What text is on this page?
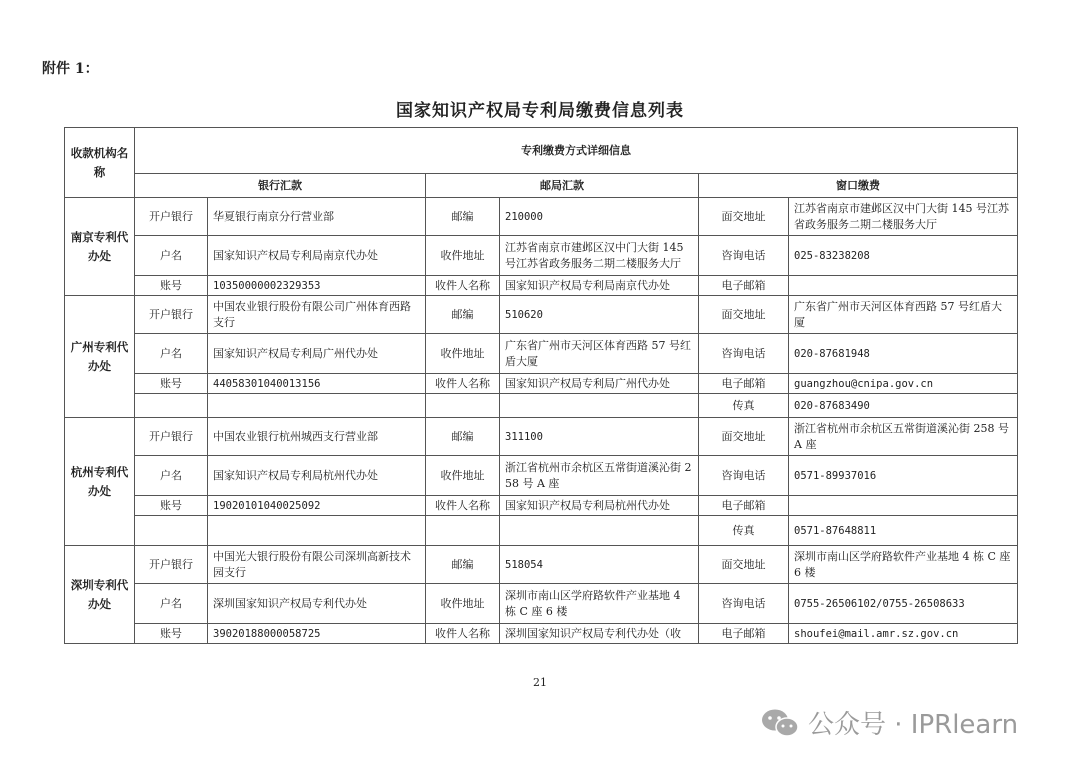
附件 1：
国家知识产权局专利局缴费信息列表
收款机构名称	专利缴费方式详细信息					
	银行汇款		邮局汇款		窗口缴费	
南京专利代办处	开户银行	华夏银行南京分行营业部	邮编	210000	面交地址	江苏省南京市建邺区汉中门大街 145 号江苏省政务服务二期二楼服务大厅
	户名	国家知识产权局专利局南京代办处	收件地址	江苏省南京市建邺区汉中门大街 145 号江苏省政务服务二期二楼服务大厅	咨询电话	025-83238208
	账号	10350000002329353	收件人名称	国家知识产权局专利局南京代办处	电子邮箱	
广州专利代办处	开户银行	中国农业银行股份有限公司广州体育西路支行	邮编	510620	面交地址	广东省广州市天河区体育西路 57 号红盾大厦
	户名	国家知识产权局专利局广州代办处	收件地址	广东省广州市天河区体育西路 57 号红盾大厦	咨询电话	020-87681948
	账号	44058301040013156	收件人名称	国家知识产权局专利局广州代办处	电子邮箱	guangzhou@cnipa.gov.cn
					传真	020-87683490
杭州专利代办处	开户银行	中国农业银行杭州城西支行营业部	邮编	311100	面交地址	浙江省杭州市余杭区五常街道溪沁街 258 号 A 座
	户名	国家知识产权局专利局杭州代办处	收件地址	浙江省杭州市余杭区五常街道溪沁街 258 号 A 座	咨询电话	0571-89937016
	账号	19020101040025092	收件人名称	国家知识产权局专利局杭州代办处	电子邮箱	
					传真	0571-87648811
深圳专利代办处	开户银行	中国光大银行股份有限公司深圳高新技术园支行	邮编	518054	面交地址	深圳市南山区学府路软件产业基地 4 栋 C 座 6 楼
	户名	深圳国家知识产权局专利代办处	收件地址	深圳市南山区学府路软件产业基地 4 栋 C 座 6 楼	咨询电话	0755-26506102/0755-26508633
	账号	39020188000058725	收件人名称	深圳国家知识产权局专利代办处（收	电子邮箱	shoufei@mail.amr.sz.gov.cn
21
公众号 · IPRlearn
